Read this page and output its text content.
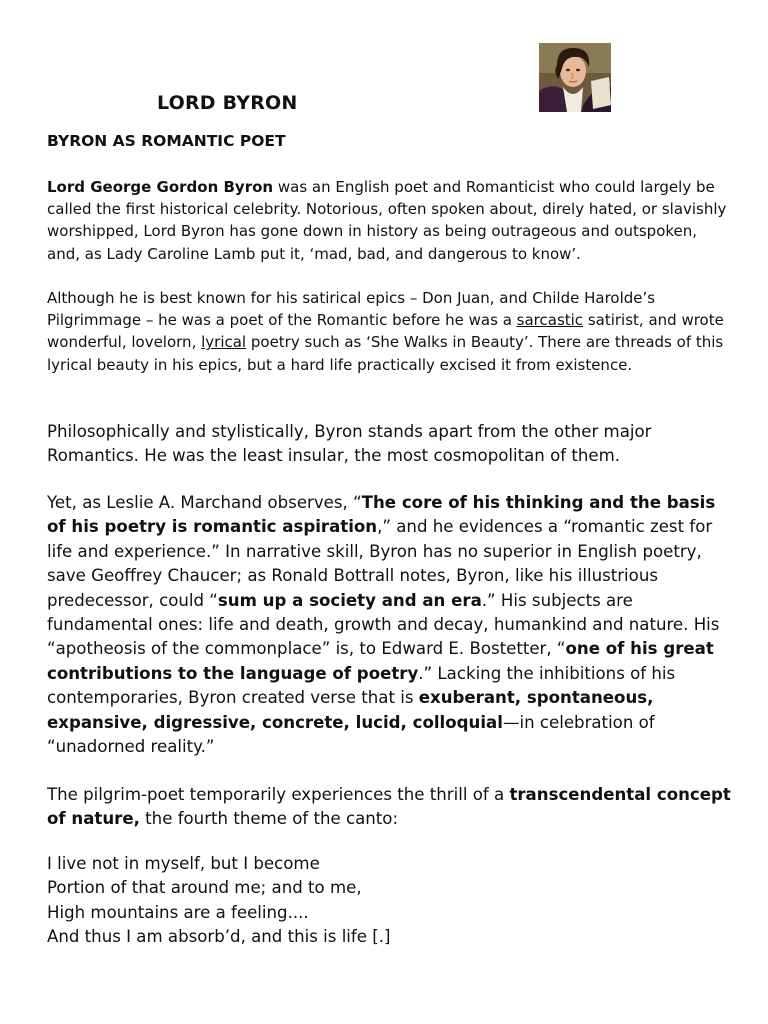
LORD BYRON
BYRON AS ROMANTIC POET
Lord George Gordon Byron was an English poet and Romanticist who could largely be called the first historical celebrity. Notorious, often spoken about, direly hated, or slavishly worshipped, Lord Byron has gone down in history as being outrageous and outspoken, and, as Lady Caroline Lamb put it, ‘mad, bad, and dangerous to know’.
Although he is best known for his satirical epics – Don Juan, and Childe Harolde’s Pilgrimmage – he was a poet of the Romantic before he was a sarcastic satirist, and wrote wonderful, lovelorn, lyrical poetry such as ‘She Walks in Beauty’. There are threads of this lyrical beauty in his epics, but a hard life practically excised it from existence.
Philosophically and stylistically, Byron stands apart from the other major Romantics. He was the least insular, the most cosmopolitan of them.
Yet, as Leslie A. Marchand observes, “The core of his thinking and the basis of his poetry is romantic aspiration,” and he evidences a “romantic zest for life and experience.” In narrative skill, Byron has no superior in English poetry, save Geoffrey Chaucer; as Ronald Bottrall notes, Byron, like his illustrious predecessor, could “sum up a society and an era.” His subjects are fundamental ones: life and death, growth and decay, humankind and nature. His “apotheosis of the commonplace” is, to Edward E. Bostetter, “one of his great contributions to the language of poetry.” Lacking the inhibitions of his contemporaries, Byron created verse that is exuberant, spontaneous, expansive, digressive, concrete, lucid, colloquial—in celebration of “unadorned reality.”
The pilgrim-poet temporarily experiences the thrill of a transcendental concept of nature, the fourth theme of the canto:
I live not in myself, but I become
Portion of that around me; and to me,
High mountains are a feeling....
And thus I am absorb’d, and this is life [.]
